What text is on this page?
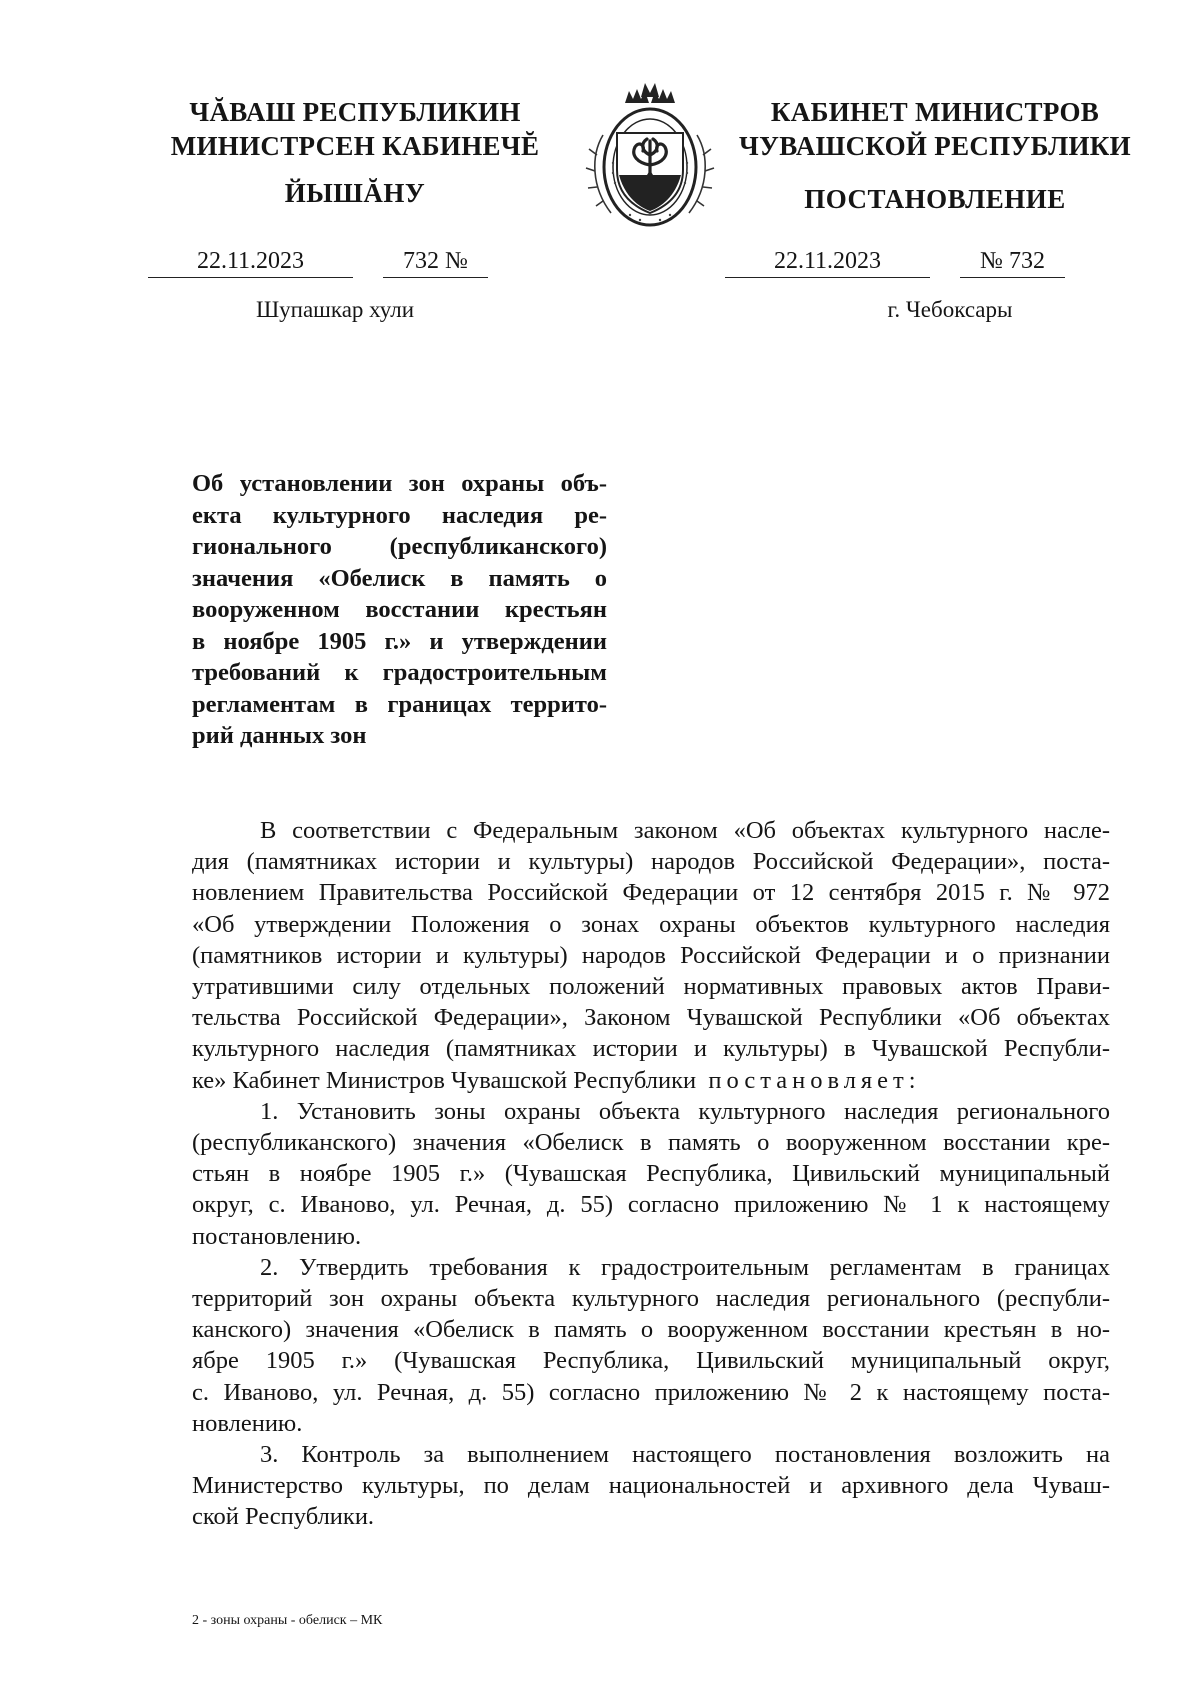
ЧĂВАШ РЕСПУБЛИКИН
МИНИСТРСЕН КАБИНЕЧĔ
ЙЫШĂНУ
22.11.2023	732 №
Шупашкар хули
КАБИНЕТ МИНИСТРОВ
ЧУВАШСКОЙ РЕСПУБЛИКИ
ПОСТАНОВЛЕНИЕ
22.11.2023	№ 732
г. Чебоксары
Об установлении зон охраны объ-
екта культурного наследия ре-
гионального (республиканского)
значения «Обелиск в память о
вооруженном восстании крестьян
в ноябре 1905 г.» и утверждении
требований к градостроительным
регламентам в границах террито-
рий данных зон
В соответствии с Федеральным законом «Об объектах культурного насле-
дия (памятниках истории и культуры) народов Российской Федерации», поста-
новлением Правительства Российской Федерации от 12 сентября 2015 г. № 972
«Об утверждении Положения о зонах охраны объектов культурного наследия
(памятников истории и культуры) народов Российской Федерации и о признании
утратившими силу отдельных положений нормативных правовых актов Прави-
тельства Российской Федерации», Законом Чувашской Республики «Об объектах
культурного наследия (памятниках истории и культуры) в Чувашской Республи-
ке» Кабинет Министров Чувашской Республики постановляет:
1. Установить зоны охраны объекта культурного наследия регионального
(республиканского) значения «Обелиск в память о вооруженном восстании кре-
стьян в ноябре 1905 г.» (Чувашская Республика, Цивильский муниципальный
округ, с. Иваново, ул. Речная, д. 55) согласно приложению № 1 к настоящему
постановлению.
2. Утвердить требования к градостроительным регламентам в границах
территорий зон охраны объекта культурного наследия регионального (республи-
канского) значения «Обелиск в память о вооруженном восстании крестьян в но-
ябре 1905 г.» (Чувашская Республика, Цивильский муниципальный округ,
с. Иваново, ул. Речная, д. 55) согласно приложению № 2 к настоящему поста-
новлению.
3. Контроль за выполнением настоящего постановления возложить на
Министерство культуры, по делам национальностей и архивного дела Чуваш-
ской Республики.
2 - зоны охраны - обелиск – МК
